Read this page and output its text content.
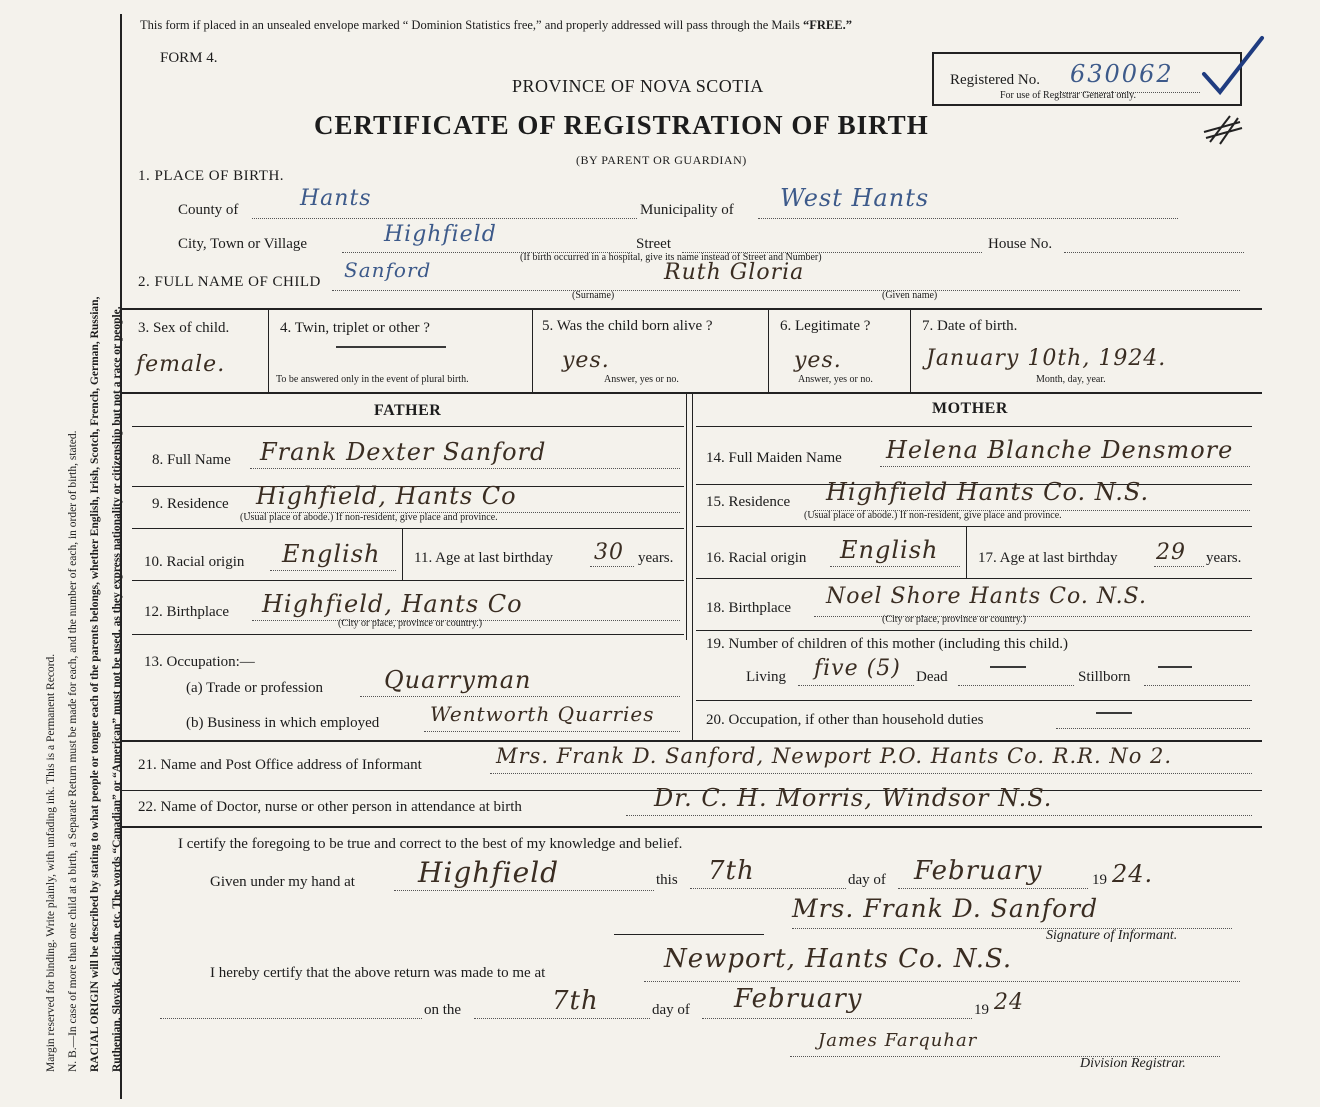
Margin reserved for binding. Write plainly, with unfading ink. This is a Permanent Record. N. B.—In case of more than one child at a birth, a Separate Return must be made for each, and the number of each, in order of birth, stated. RACIAL ORIGIN will be described by stating to what people or tongue each of the parents belongs, whether English, Irish, Scotch, French, German, Russian, Ruthenian, Slovak, Galician, etc. The words “Canadian” or “American” must not be used, as they express nationality or citizenship but not a race or people.
This form if placed in an unsealed envelope marked “ Dominion Statistics free,” and properly addressed will pass through the Mails “FREE.”
FORM 4.
PROVINCE OF NOVA SCOTIA
CERTIFICATE OF REGISTRATION OF BIRTH
(BY PARENT OR GUARDIAN)
Registered No. 630062
For use of Registrar General only.
1. PLACE OF BIRTH.
County of	Hants	Municipality of West Hants
City, Town or Village	Highfield	Street	House No.
(If birth occurred in a hospital, give its name instead of Street and Number)
2. FULL NAME OF CHILD Sanford	Ruth Gloria
(Surname)	(Given name)
3. Sex of child.
female.
4. Twin, triplet or other ?
To be answered only in the event of plural birth.
5. Was the child born alive ?
yes.
Answer, yes or no.
6. Legitimate ?
yes.
Answer, yes or no.
7. Date of birth.
January 10th, 1924.
Month, day, year.
FATHER	MOTHER
8. Full Name Frank Dexter Sanford
9. Residence Highfield, Hants Co
(Usual place of abode.) If non-resident, give place and province.
10. Racial origin English 11. Age at last birthday 30 years.
12. Birthplace Highfield, Hants Co
(City or place, province or country.)
13. Occupation:—
(a) Trade or profession	Quarryman
(b) Business in which employed	Wentworth Quarries
14. Full Maiden Name Helena Blanche Densmore
15. Residence Highfield Hants Co. N.S.
(Usual place of abode.) If non-resident, give place and province.
16. Racial origin English	17. Age at last birthday 29 years.
18. Birthplace Noel Shore Hants Co. N.S.
(City or place, province or country.)
19. Number of children of this mother (including this child.)
Living five (5) Dead	Stillborn
20. Occupation, if other than household duties
21. Name and Post Office address of Informant	Mrs. Frank D. Sanford, Newport P.O. Hants Co. R.R. No 2.
22. Name of Doctor, nurse or other person in attendance at birth	Dr. C. H. Morris, Windsor N.S.
I certify the foregoing to be true and correct to the best of my knowledge and belief.
Given under my hand at Highfield	this 7th	day of February	19 24.
Mrs. Frank D. Sanford
Signature of Informant.
I hereby certify that the above return was made to me at	Newport, Hants Co. N.S.
on the	7th	day of February	19 24
James Farquhar
Division Registrar.
